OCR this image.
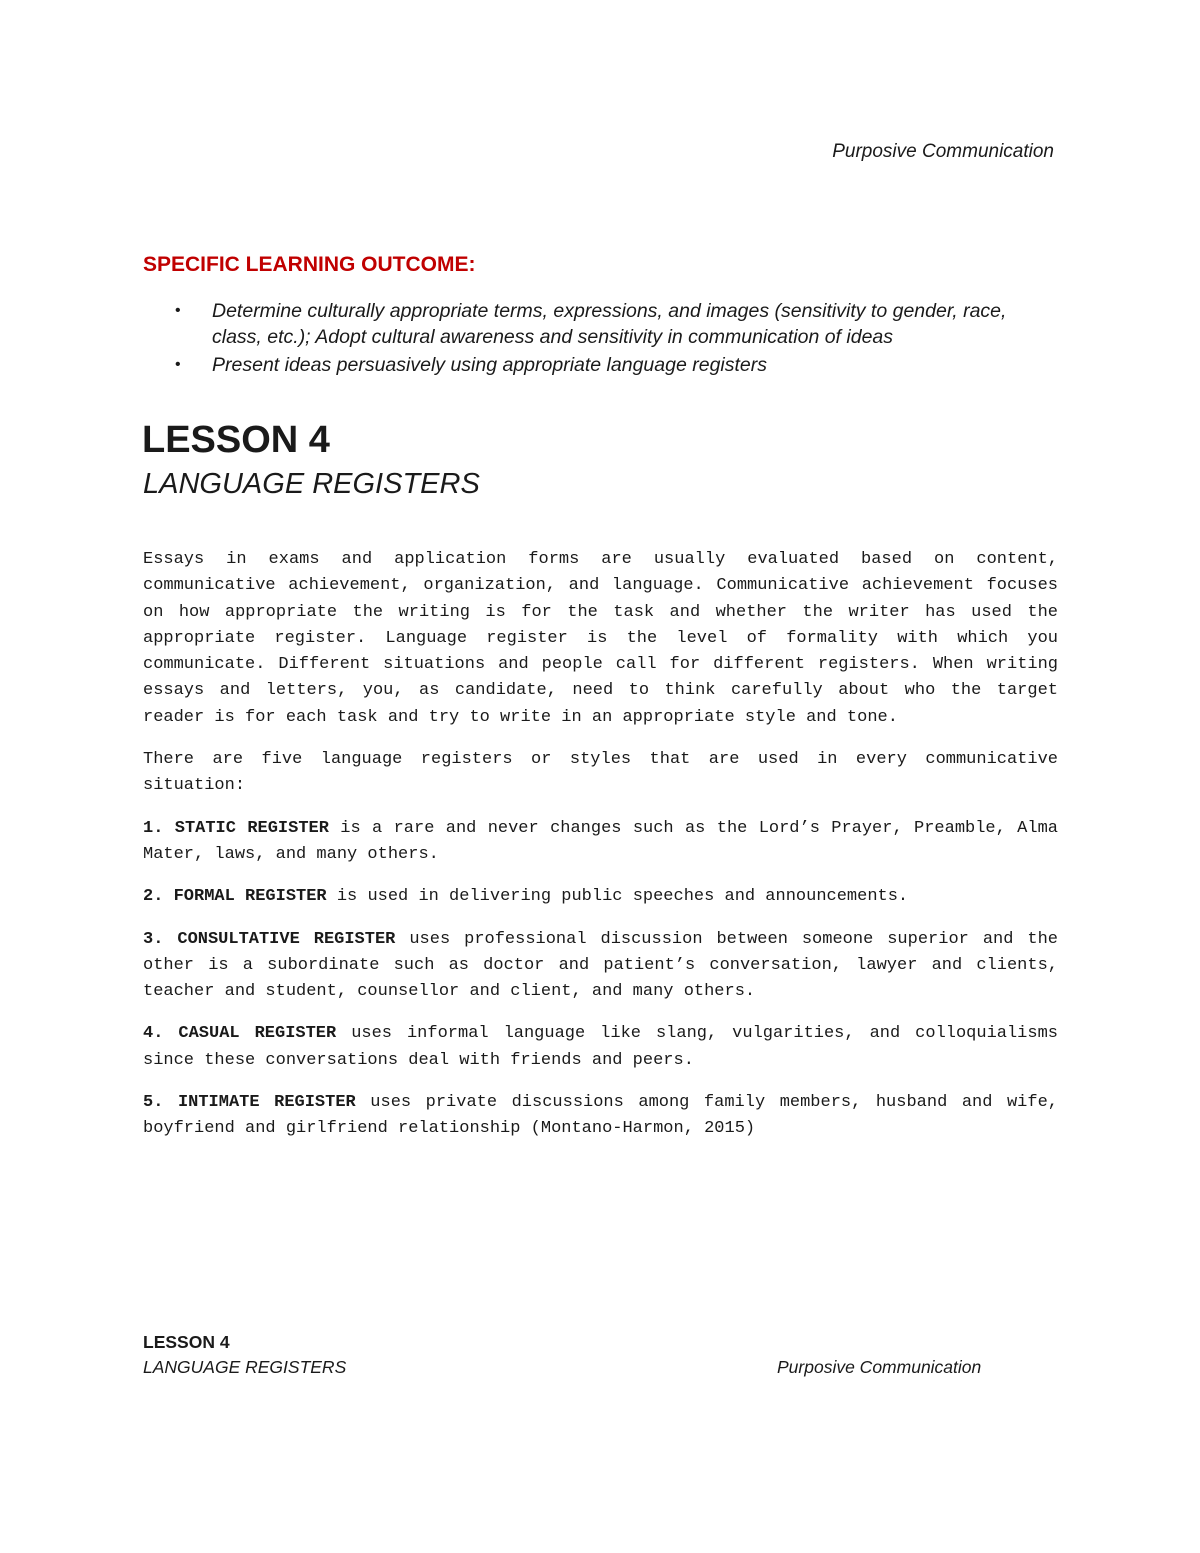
Purposive Communication
SPECIFIC LEARNING OUTCOME:
• Determine culturally appropriate terms, expressions, and images (sensitivity to gender, race, class, etc.); Adopt cultural awareness and sensitivity in communication of ideas
• Present ideas persuasively using appropriate language registers
LESSON 4
LANGUAGE REGISTERS

Essays in exams and application forms are usually evaluated based on content, communicative achievement, organization, and language. Communicative achievement focuses on how appropriate the writing is for the task and whether the writer has used the appropriate register. Language register is the level of formality with which you communicate. Different situations and people call for different registers. When writing essays and letters, you, as candidate, need to think carefully about who the target reader is for each task and try to write in an appropriate style and tone.

There are five language registers or styles that are used in every communicative situation:

1. STATIC REGISTER is a rare and never changes such as the Lord’s Prayer, Preamble, Alma Mater, laws, and many others.

2. FORMAL REGISTER is used in delivering public speeches and announcements.

3. CONSULTATIVE REGISTER uses professional discussion between someone superior and the other is a subordinate such as doctor and patient’s conversation, lawyer and clients, teacher and student, counsellor and client, and many others.

4. CASUAL REGISTER uses informal language like slang, vulgarities, and colloquialisms since these conversations deal with friends and peers.

5. INTIMATE REGISTER uses private discussions among family members, husband and wife, boyfriend and girlfriend relationship (Montano-Harmon, 2015)

LESSON 4
LANGUAGE REGISTERS	Purposive Communication
